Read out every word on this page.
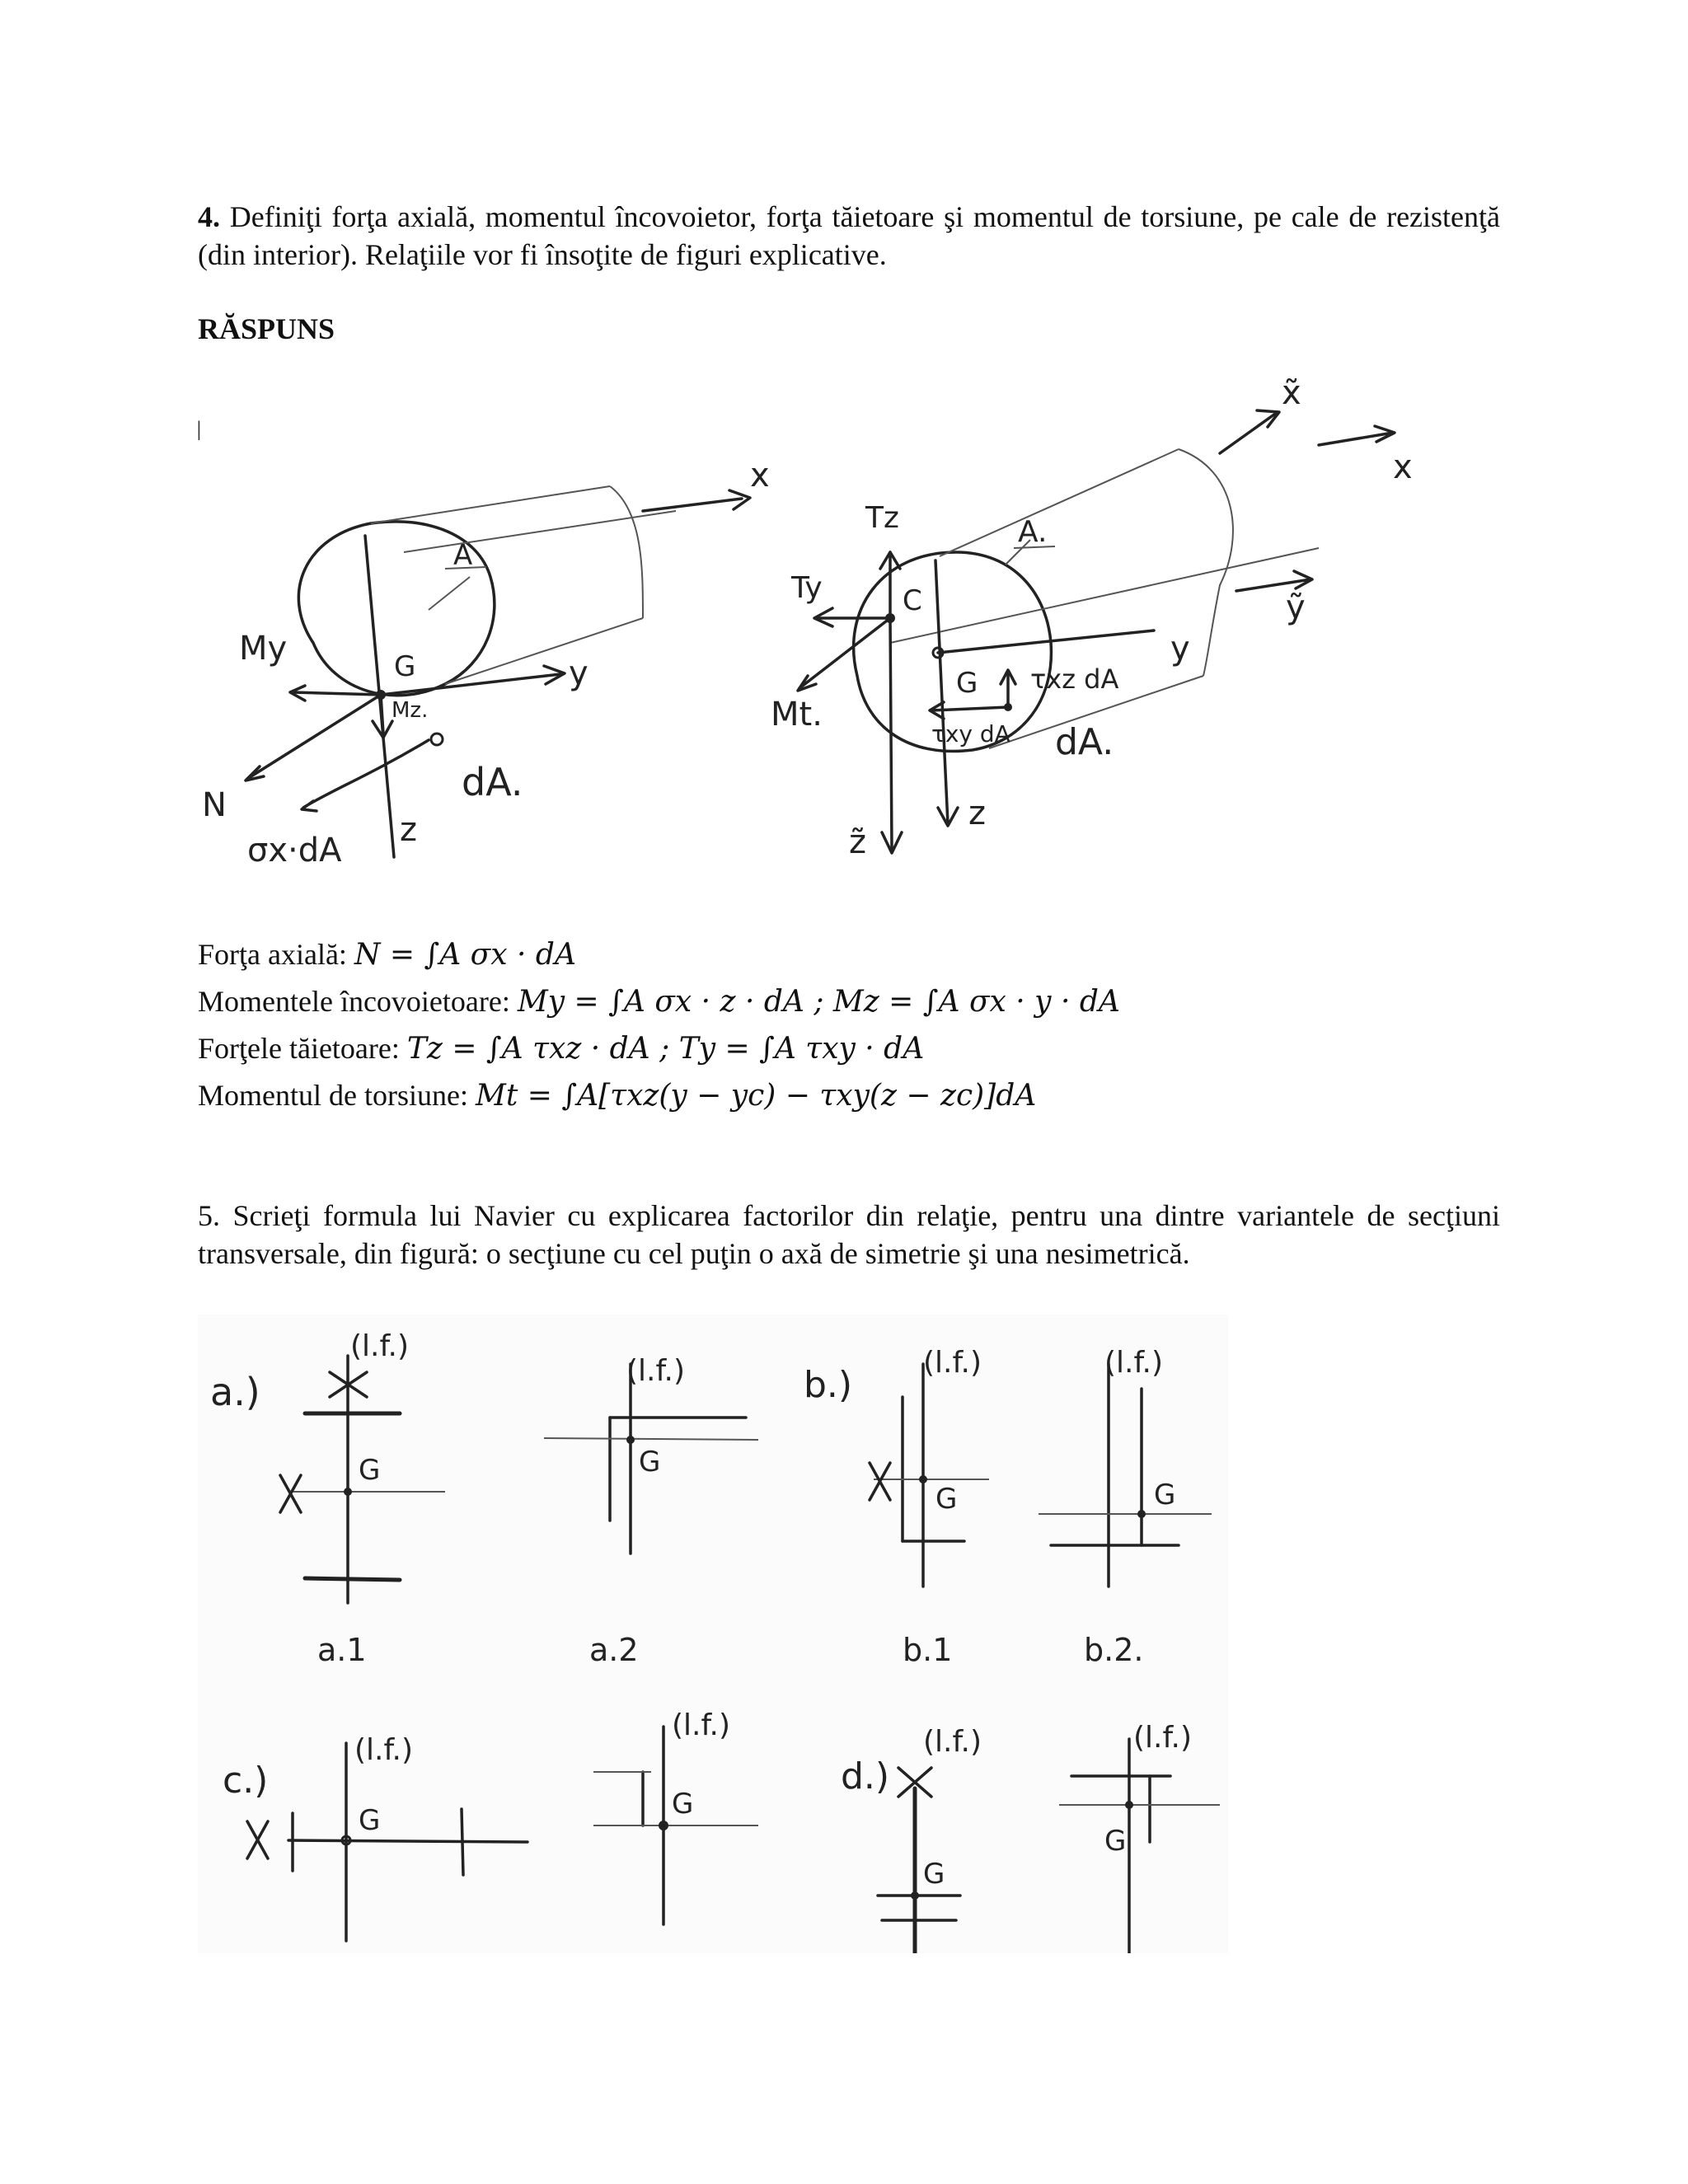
4. Definiţi forţa axială, momentul încovoietor, forţa tăietoare şi momentul de torsiune, pe cale de rezistenţă (din interior). Relaţiile vor fi însoţite de figuri explicative.

RĂSPUNS
ǀ
A
G
My
Mz.
x
y
z
dA.
N
σx·dA
A.
C
G
Tz
Ty
Mt.
τxz dA
τxy dA dA.
y
x̃
x
ỹ
z̃
z
Forţa axială: N = ∫A σx · dA
Momentele încovoietoare: My = ∫A σx · z · dA ; Mz = ∫A σx · y · dA
Forţele tăietoare: Tz = ∫A τxz · dA ; Ty = ∫A τxy · dA
Momentul de torsiune: Mt = ∫A[τxz(y − yc) − τxy(z − zc)]dA

5. Scrieţi formula lui Navier cu explicarea factorilor din relaţie, pentru una dintre variantele de secţiuni transversale, din figură: o secţiune cu cel puţin o axă de simetrie şi una nesimetrică.

a.)
(l.f.)
G
a.1
(l.f.)
G
a.2
b.)
(l.f.)
G
b.1
(l.f.)
G
b.2.
c.)
(l.f.)
G
(l.f.)
G
d.)
(l.f.)
G
(l.f.)
G
